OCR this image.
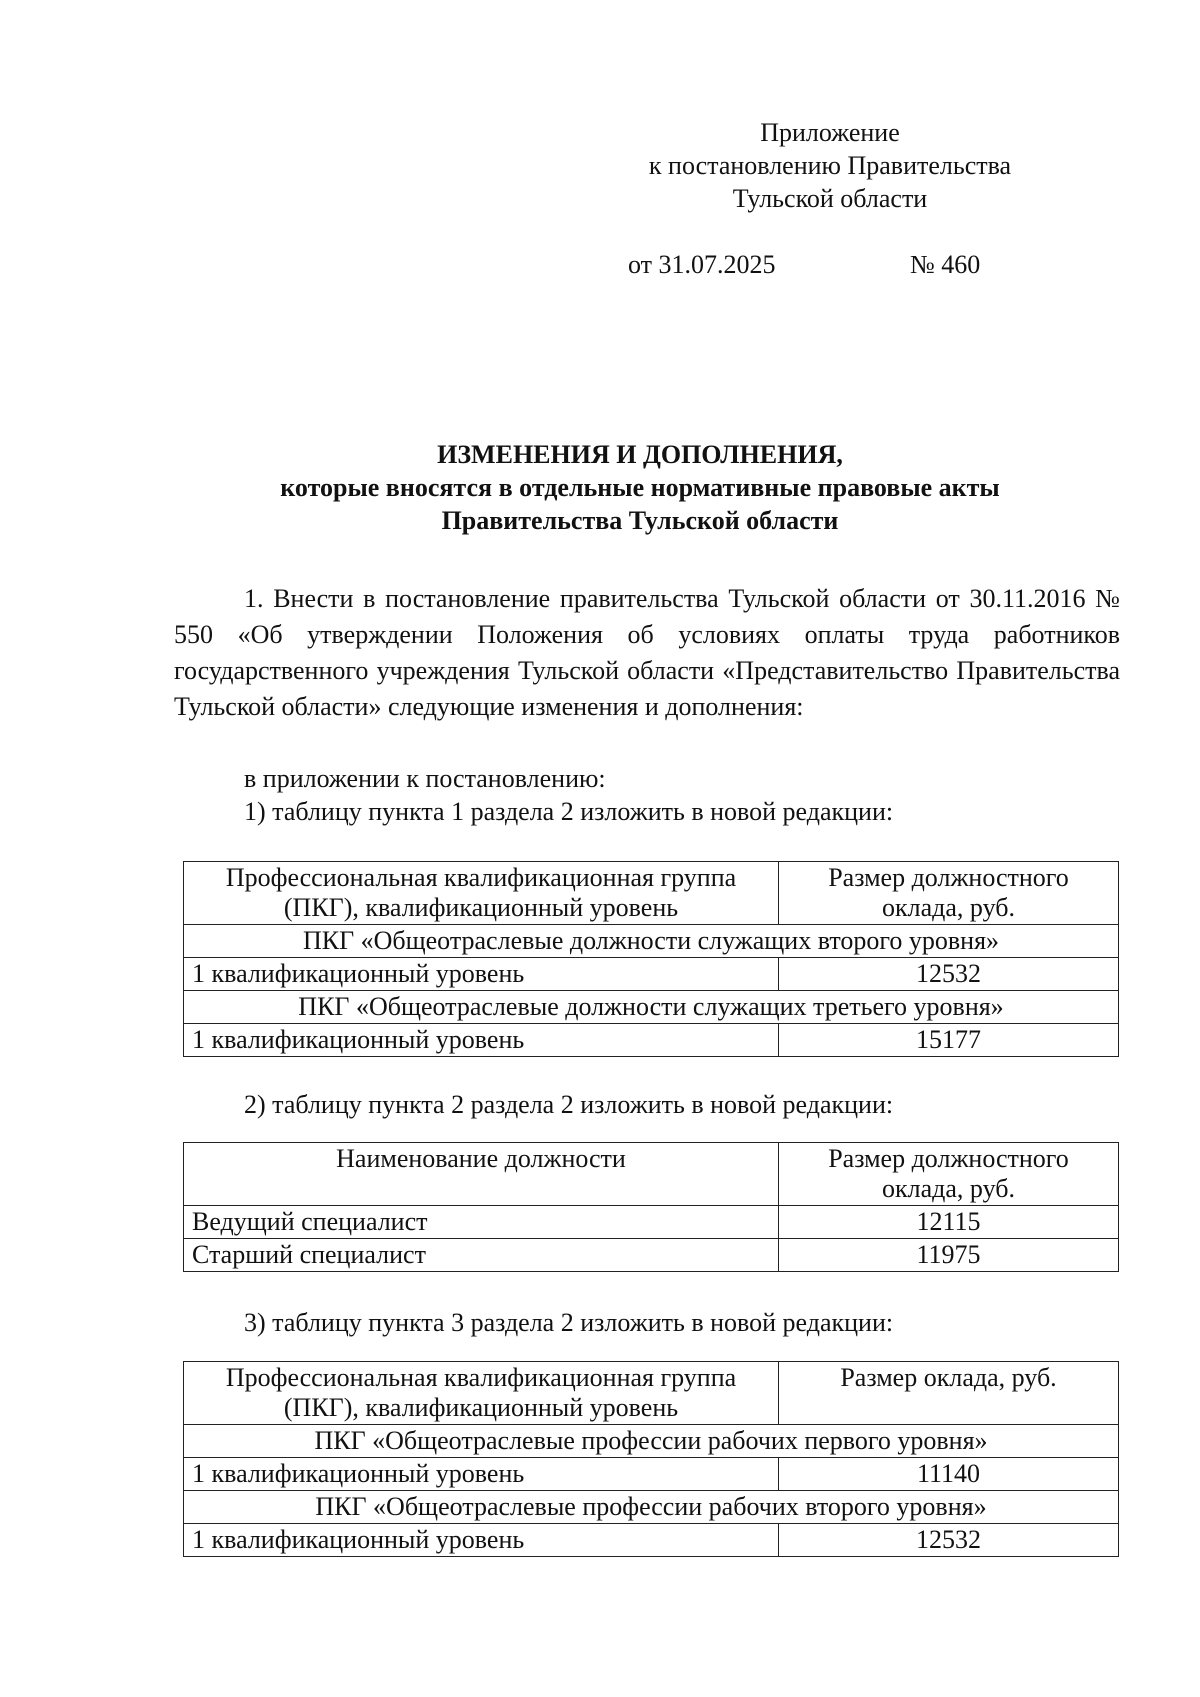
Приложение
к постановлению Правительства
Тульской области
от 31.07.2025	№ 460
ИЗМЕНЕНИЯ И ДОПОЛНЕНИЯ,
которые вносятся в отдельные нормативные правовые акты
Правительства Тульской области
1. Внести в постановление правительства Тульской области от 30.11.2016 № 550 «Об утверждении Положения об условиях оплаты труда работников государственного учреждения Тульской области «Представительство Правительства Тульской области» следующие изменения и дополнения:
в приложении к постановлению:
1) таблицу пункта 1 раздела 2 изложить в новой редакции:
Профессиональная квалификационная группа (ПКГ), квалификационный уровень	Размер должностного оклада, руб.
ПКГ «Общеотраслевые должности служащих второго уровня»	
1 квалификационный уровень	12532
ПКГ «Общеотраслевые должности служащих третьего уровня»	
1 квалификационный уровень	15177
2) таблицу пункта 2 раздела 2 изложить в новой редакции:
Наименование должности	Размер должностного оклада, руб.
Ведущий специалист	12115
Старший специалист	11975
3) таблицу пункта 3 раздела 2 изложить в новой редакции:
Профессиональная квалификационная группа (ПКГ), квалификационный уровень	Размер оклада, руб.
ПКГ «Общеотраслевые профессии рабочих первого уровня»	
1 квалификационный уровень	11140
ПКГ «Общеотраслевые профессии рабочих второго уровня»	
1 квалификационный уровень	12532
